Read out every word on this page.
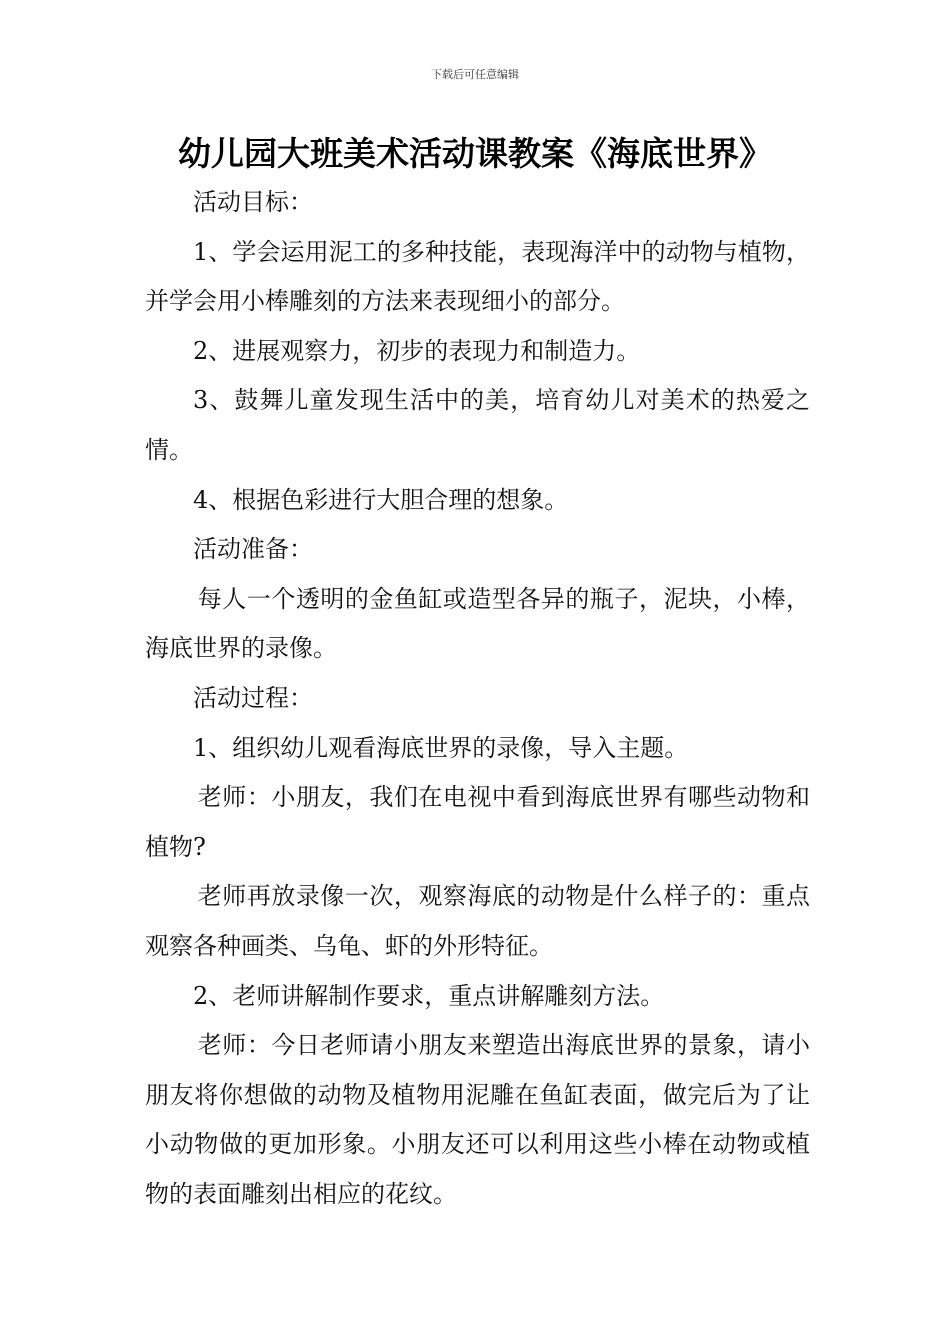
下载后可任意编辑
幼儿园大班美术活动课教案《海底世界》

活动目标：

1、学会运用泥工的多种技能，表现海洋中的动物与植物，并学会用小棒雕刻的方法来表现细小的部分。

2、进展观察力，初步的表现力和制造力。

3、鼓舞儿童发现生活中的美，培育幼儿对美术的热爱之情。

4、根据色彩进行大胆合理的想象。

活动准备：

每人一个透明的金鱼缸或造型各异的瓶子，泥块，小棒，海底世界的录像。

活动过程：

1、组织幼儿观看海底世界的录像，导入主题。

老师：小朋友，我们在电视中看到海底世界有哪些动物和植物?

老师再放录像一次，观察海底的动物是什么样子的：重点观察各种画类、乌龟、虾的外形特征。

2、老师讲解制作要求，重点讲解雕刻方法。

老师：今日老师请小朋友来塑造出海底世界的景象，请小朋友将你想做的动物及植物用泥雕在鱼缸表面，做完后为了让小动物做的更加形象。小朋友还可以利用这些小棒在动物或植物的表面雕刻出相应的花纹。
